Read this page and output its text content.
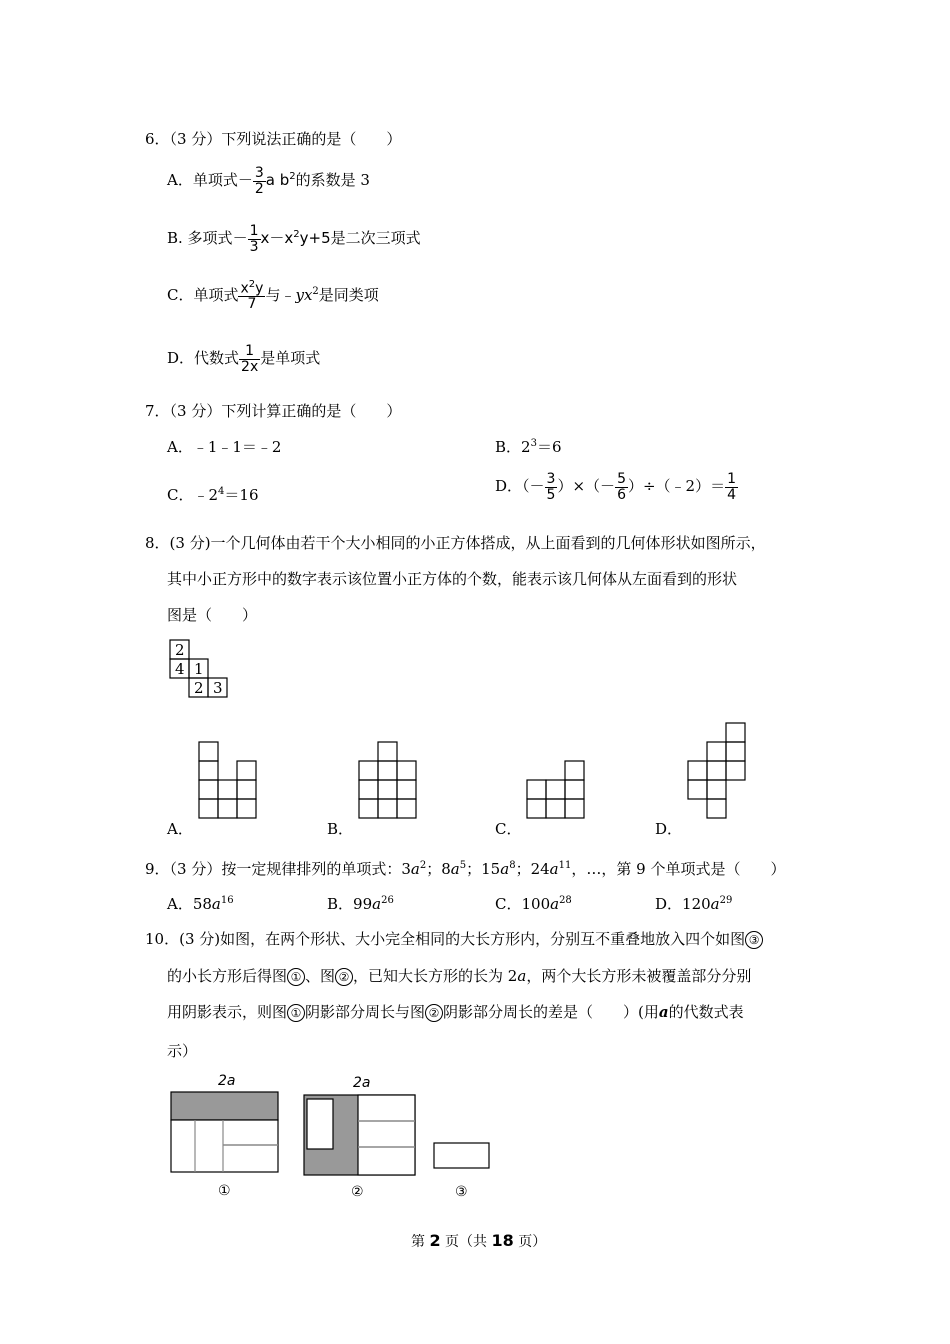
6．（3 分）下列说法正确的是（　　）
A．单项式－ $\frac{3}{2}$ a $b^2$的系数是 3
B. 多项式－ $\frac{1}{3} x-x^2y+5$是二次三项式
C．单项式 $\frac{x^2y}{7}$ 与$﹣yx^2$是同类项
D．代数式 $\frac{1}{2x}$ 是单项式
7．（3 分）下列计算正确的是（　　）
A．﹣1﹣1＝﹣2	B．$2^3=6$
C．$﹣2^4=16$	D．（－ $\frac{3}{5}$ ）×（－ $\frac{5}{6}$ ）÷（﹣2）＝ $\frac{1}{4}$
8．(3 分)一个几何体由若干个大小相同的小正方体搭成，从上面看到的几何体形状如图所示，
其中小正方形中的数字表示该位置小正方体的个数，能表示该几何体从左面看到的形状
图是（　　）
2
4 1
2 3
A．	B．	C．	D．
9．（3 分）按一定规律排列的单项式：$3a^2$；$8a^5$；$15a^8$；$24a^{11}$，…，第 9 个单项式是（　　）
A．$58a^{16}$	B．$99a^{26}$	C．$100a^{28}$	D．$120a^{29}$
10．(3 分)如图，在两个形状、大小完全相同的大长方形内，分别互不重叠地放入四个如图 ③
的小长方形后得图 ① 、图 ② ，已知大长方形的长为 2a，两个大长方形未被覆盖部分分别
用阴影表示，则图 ① 阴影部分周长与图 ② 阴影部分周长的差是（　　）(用a的代数式表
示）
2a
①
2a
②	③
第 2 页（共 18 页）
